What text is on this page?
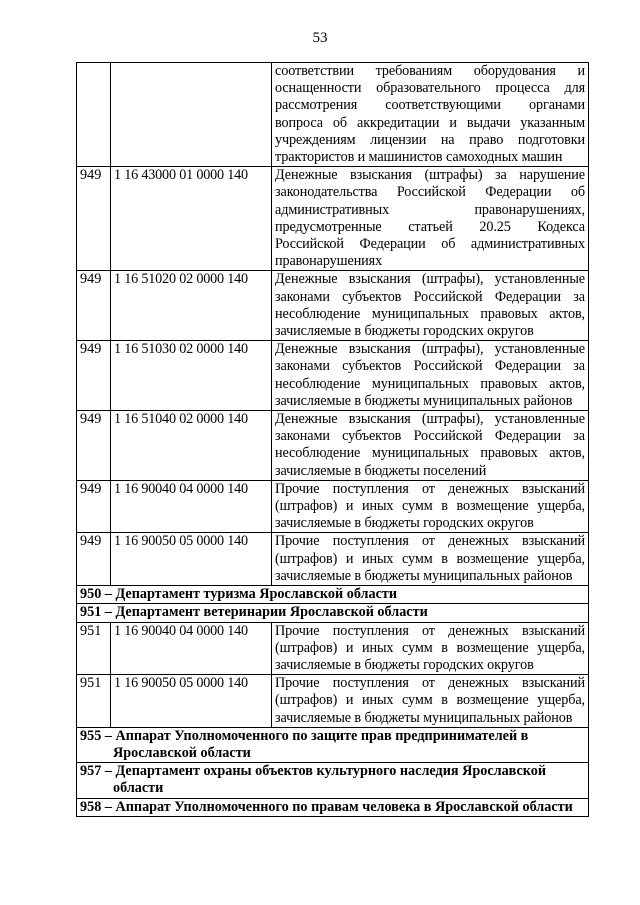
53
		соответствии требованиям оборудования и оснащенности образовательного процесса для рассмотрения соответствующими органами вопроса об аккредитации и выдачи указанным учреждениям лицензии на право подготовки трактористов и машинистов самоходных машин
949	1 16 43000 01 0000 140	Денежные взыскания (штрафы) за нарушение законодательства Российской Федерации об административных правонарушениях, предусмотренные статьей 20.25 Кодекса Российской Федерации об административных правонарушениях
949	1 16 51020 02 0000 140	Денежные взыскания (штрафы), установленные законами субъектов Российской Федерации за несоблюдение муниципальных правовых актов, зачисляемые в бюджеты городских округов
949	1 16 51030 02 0000 140	Денежные взыскания (штрафы), установленные законами субъектов Российской Федерации за несоблюдение муниципальных правовых актов, зачисляемые в бюджеты муниципальных районов
949	1 16 51040 02 0000 140	Денежные взыскания (штрафы), установленные законами субъектов Российской Федерации за несоблюдение муниципальных правовых актов, зачисляемые в бюджеты поселений
949	1 16 90040 04 0000 140	Прочие поступления от денежных взысканий (штрафов) и иных сумм в возмещение ущерба, зачисляемые в бюджеты городских округов
949	1 16 90050 05 0000 140	Прочие поступления от денежных взысканий (штрафов) и иных сумм в возмещение ущерба, зачисляемые в бюджеты муниципальных районов

950 – Департамент туризма Ярославской области		

951 – Департамент ветеринарии Ярославской области		

951	1 16 90040 04 0000 140	Прочие поступления от денежных взысканий (штрафов) и иных сумм в возмещение ущерба, зачисляемые в бюджеты городских округов
951	1 16 90050 05 0000 140	Прочие поступления от денежных взысканий (штрафов) и иных сумм в возмещение ущерба, зачисляемые в бюджеты муниципальных районов

955 – Аппарат Уполномоченного по защите прав предпринимателей в Ярославской области		

957 – Департамент охраны объектов культурного наследия Ярославской области		

958 – Аппарат Уполномоченного по правам человека в Ярославской области		
